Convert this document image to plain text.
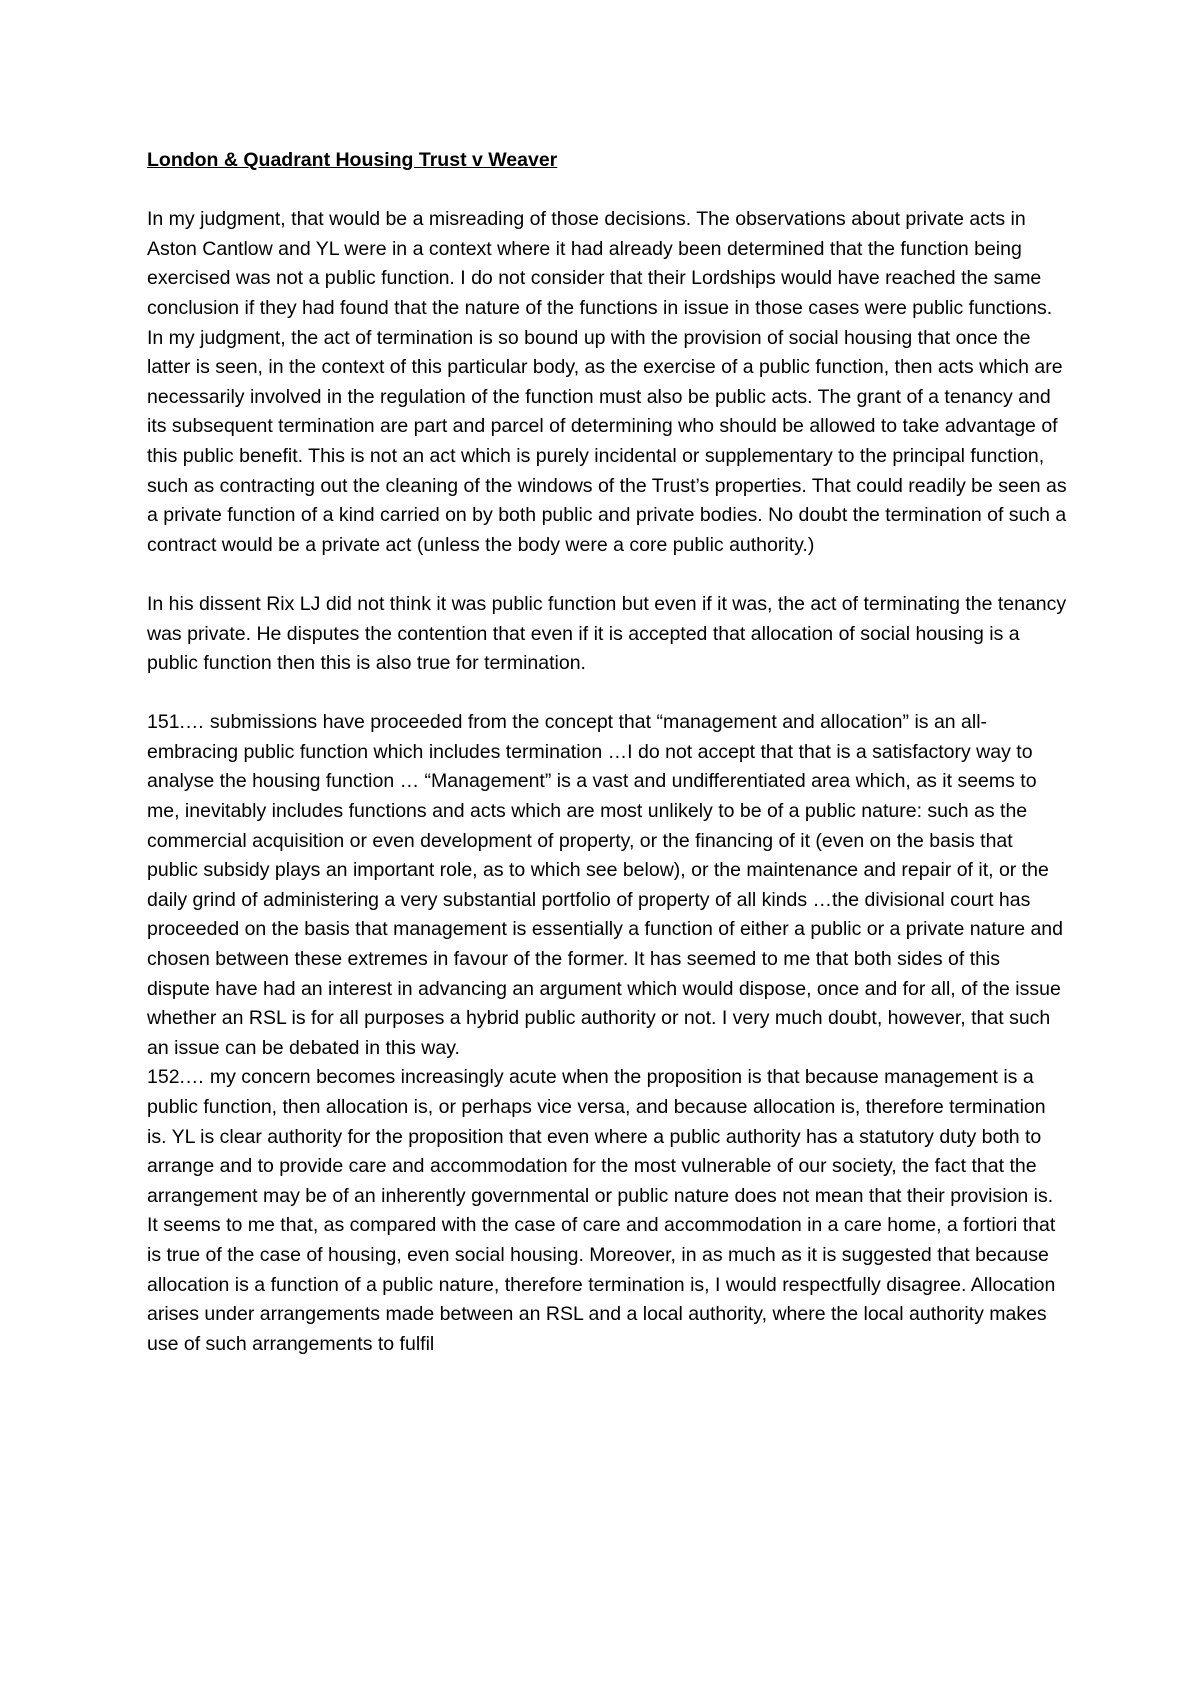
London & Quadrant Housing Trust v Weaver

In my judgment, that would be a misreading of those decisions. The observations about private acts in Aston Cantlow and YL were in a context where it had already been determined that the function being exercised was not a public function. I do not consider that their Lordships would have reached the same conclusion if they had found that the nature of the functions in issue in those cases were public functions.

In my judgment, the act of termination is so bound up with the provision of social housing that once the latter is seen, in the context of this particular body, as the exercise of a public function, then acts which are necessarily involved in the regulation of the function must also be public acts. The grant of a tenancy and its subsequent termination are part and parcel of determining who should be allowed to take advantage of this public benefit. This is not an act which is purely incidental or supplementary to the principal function, such as contracting out the cleaning of the windows of the Trust’s properties. That could readily be seen as a private function of a kind carried on by both public and private bodies. No doubt the termination of such a contract would be a private act (unless the body were a core public authority.)

In his dissent Rix LJ did not think it was public function but even if it was, the act of terminating the tenancy was private. He disputes the contention that even if it is accepted that allocation of social housing is a public function then this is also true for termination.

151.… submissions have proceeded from the concept that “management and allocation” is an all-embracing public function which includes termination …I do not accept that that is a satisfactory way to analyse the housing function … “Management” is a vast and undifferentiated area which, as it seems to me, inevitably includes functions and acts which are most unlikely to be of a public nature: such as the commercial acquisition or even development of property, or the financing of it (even on the basis that public subsidy plays an important role, as to which see below), or the maintenance and repair of it, or the daily grind of administering a very substantial portfolio of property of all kinds …the divisional court has proceeded on the basis that management is essentially a function of either a public or a private nature and chosen between these extremes in favour of the former. It has seemed to me that both sides of this dispute have had an interest in advancing an argument which would dispose, once and for all, of the issue whether an RSL is for all purposes a hybrid public authority or not. I very much doubt, however, that such an issue can be debated in this way.

152.… my concern becomes increasingly acute when the proposition is that because management is a public function, then allocation is, or perhaps vice versa, and because allocation is, therefore termination is. YL is clear authority for the proposition that even where a public authority has a statutory duty both to arrange and to provide care and accommodation for the most vulnerable of our society, the fact that the arrangement may be of an inherently governmental or public nature does not mean that their provision is. It seems to me that, as compared with the case of care and accommodation in a care home, a fortiori that is true of the case of housing, even social housing. Moreover, in as much as it is suggested that because allocation is a function of a public nature, therefore termination is, I would respectfully disagree. Allocation arises under arrangements made between an RSL and a local authority, where the local authority makes use of such arrangements to fulfil
